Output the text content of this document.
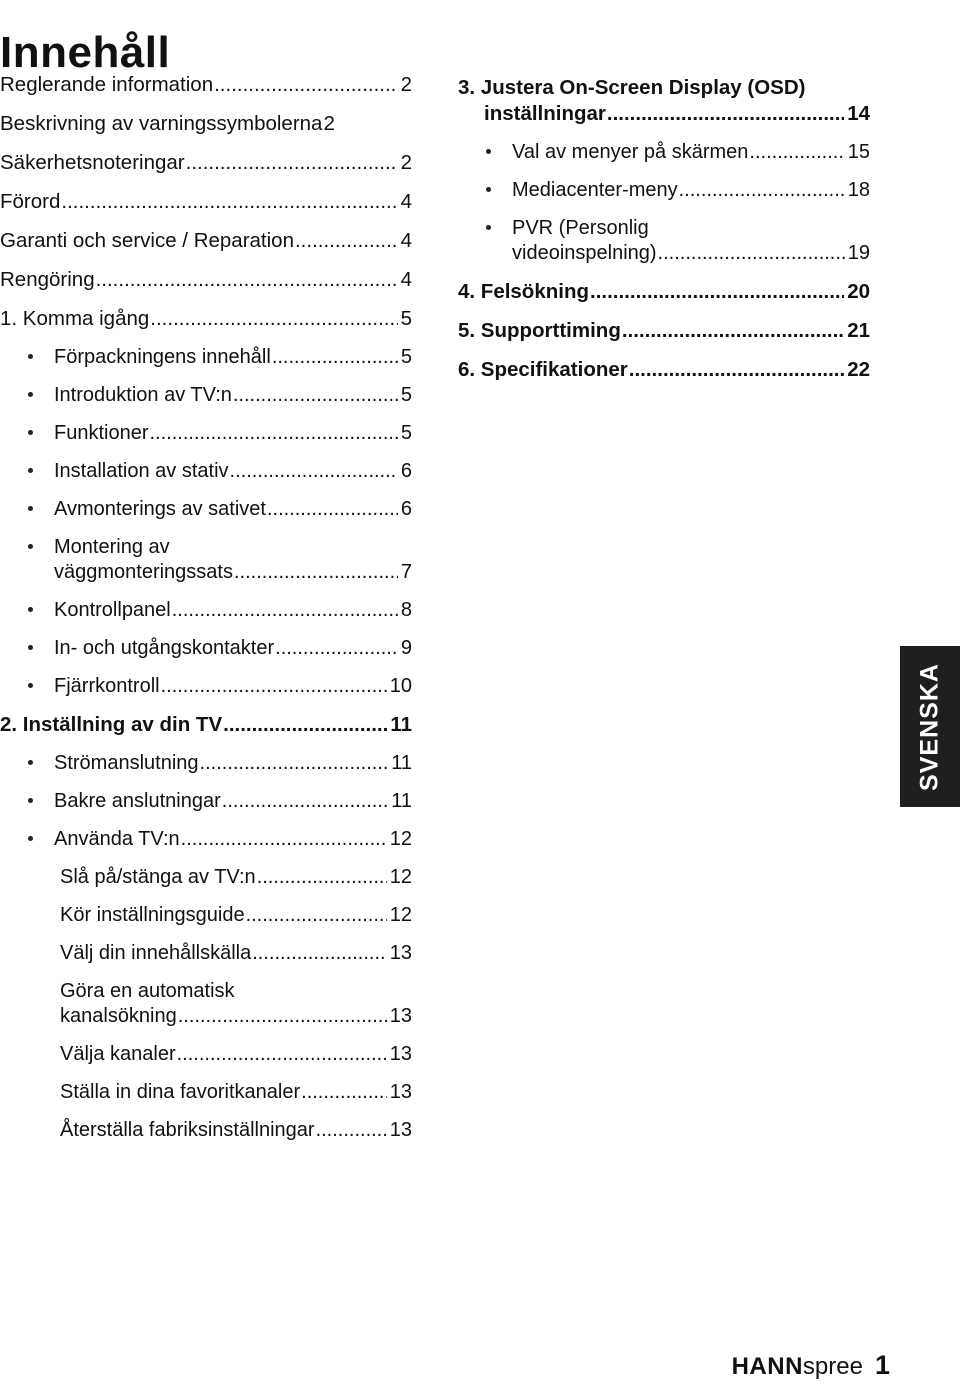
Innehåll
Reglerande information .....	2
Beskrivning av varningssymbolerna 2
Säkerhetsnoteringar .....	2
Förord .....	4
Garanti och service / Reparation .....	4
Rengöring .....	4
1. Komma igång .....	5
Förpackningens innehåll .....	5
Introduktion av TV:n .....	5
Funktioner .....	5
Installation av stativ .....	6
Avmonterings av sativet .....	6
Montering av
väggmonteringssats .....	7
Kontrollpanel .....	8
In- och utgångskontakter .....	9
Fjärrkontroll .....	10
2. Inställning av din TV .....	11
Strömanslutning .....	11
Bakre anslutningar .....	11
Använda TV:n .....	12
Slå på/stänga av TV:n .....	12
Kör inställningsguide .....	12
Välj din innehållskälla .....	13
Göra en automatisk
kanalsökning .....	13
Välja kanaler .....	13
Ställa in dina favoritkanaler .....	13
Återställa fabriksinställningar .....	13
3. Justera On-Screen Display (OSD)
inställningar .....	14
Val av menyer på skärmen .....	15
Mediacenter-meny .....	18
PVR (Personlig
videoinspelning) .....	19
4. Felsökning .....	20
5. Supporttiming .....	21
6. Specifikationer .....	22
SVENSKA
HANNspree 1
